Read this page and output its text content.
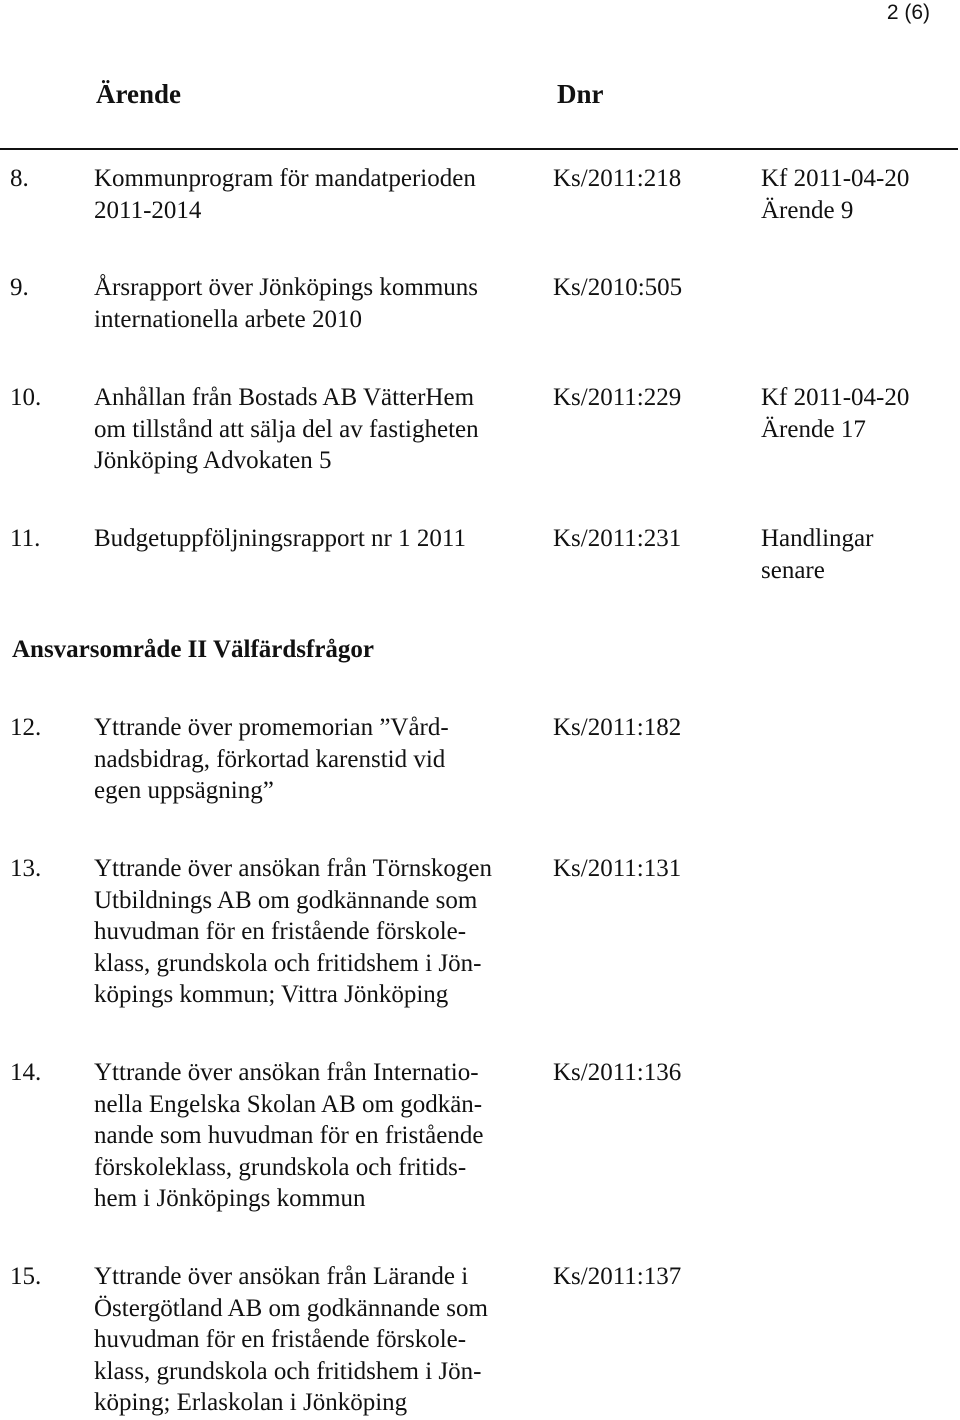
2 (6)
Ärende	Dnr
8.	Kommunprogram för mandatperioden
2011-2014
Ks/2011:218	Kf 2011-04-20
Ärende 9
9.	Årsrapport över Jönköpings kommuns
internationella arbete 2010
Ks/2010:505
10. Anhållan från Bostads AB VätterHem
om tillstånd att sälja del av fastigheten
Jönköping Advokaten 5
Ks/2011:229	Kf 2011-04-20
Ärende 17
11. Budgetuppföljningsrapport nr 1 2011	Ks/2011:231	Handlingar
senare
Ansvarsområde II Välfärdsfrågor
12. Yttrande över promemorian ”Vård-
nadsbidrag, förkortad karenstid vid
egen uppsägning”
Ks/2011:182
13. Yttrande över ansökan från Törnskogen
Utbildnings AB om godkännande som
huvudman för en fristående förskole-
klass, grundskola och fritidshem i Jön-
köpings kommun; Vittra Jönköping
Ks/2011:131
14. Yttrande över ansökan från Internatio-
nella Engelska Skolan AB om godkän-
nande som huvudman för en fristående
förskoleklass, grundskola och fritids-
hem i Jönköpings kommun
Ks/2011:136
15. Yttrande över ansökan från Lärande i
Östergötland AB om godkännande som
huvudman för en fristående förskole-
klass, grundskola och fritidshem i Jön-
köping; Erlaskolan i Jönköping
Ks/2011:137
